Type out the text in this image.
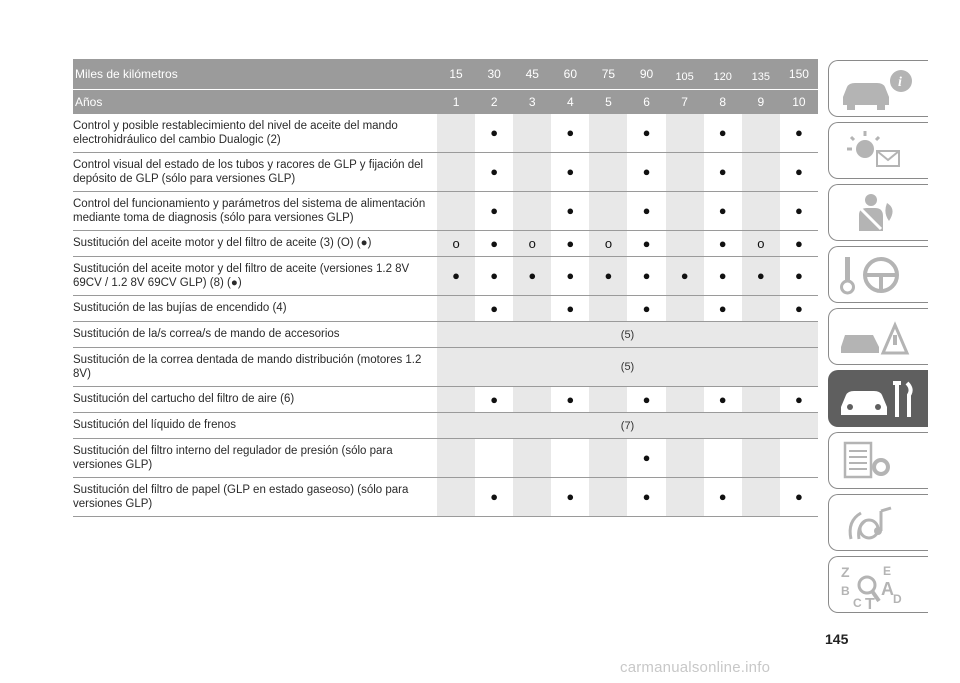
Miles de kilómetros	15	30	45	60	75	90	105	120	135	150
Años	1	2	3	4	5	6	7	8	9	10
Control y posible restablecimiento del nivel de aceite del mando electrohidráulico del cambio Dualogic (2)		●		●		●		●		●
Control visual del estado de los tubos y racores de GLP y fijación del depósito de GLP (sólo para versiones GLP)		●		●		●		●		●
Control del funcionamiento y parámetros del sistema de alimentación mediante toma de diagnosis (sólo para versiones GLP)		●		●		●		●		●
Sustitución del aceite motor y del filtro de aceite (3) (O) (●)	o	●	o	●	o	●		●	o	●
Sustitución del aceite motor y del filtro de aceite (versiones 1.2 8V 69CV / 1.2 8V 69CV GLP) (8) (●)	●	●	●	●	●	●	●	●	●	●
Sustitución de las bujías de encendido (4)		●		●		●		●		●
Sustitución de la/s correa/s de mando de accesorios	(5)									
Sustitución de la correa dentada de mando distribución (motores 1.2 8V)	(5)									
Sustitución del cartucho del filtro de aire (6)		●		●		●		●		●
Sustitución del líquido de frenos	(7)									
Sustitución del filtro interno del regulador de presión (sólo para versiones GLP)						●				
Sustitución del filtro de papel (GLP en estado gaseoso) (sólo para versiones GLP)		●		●		●		●		●
i
Z	E
B A
C T D
145
carmanualsonline.info
